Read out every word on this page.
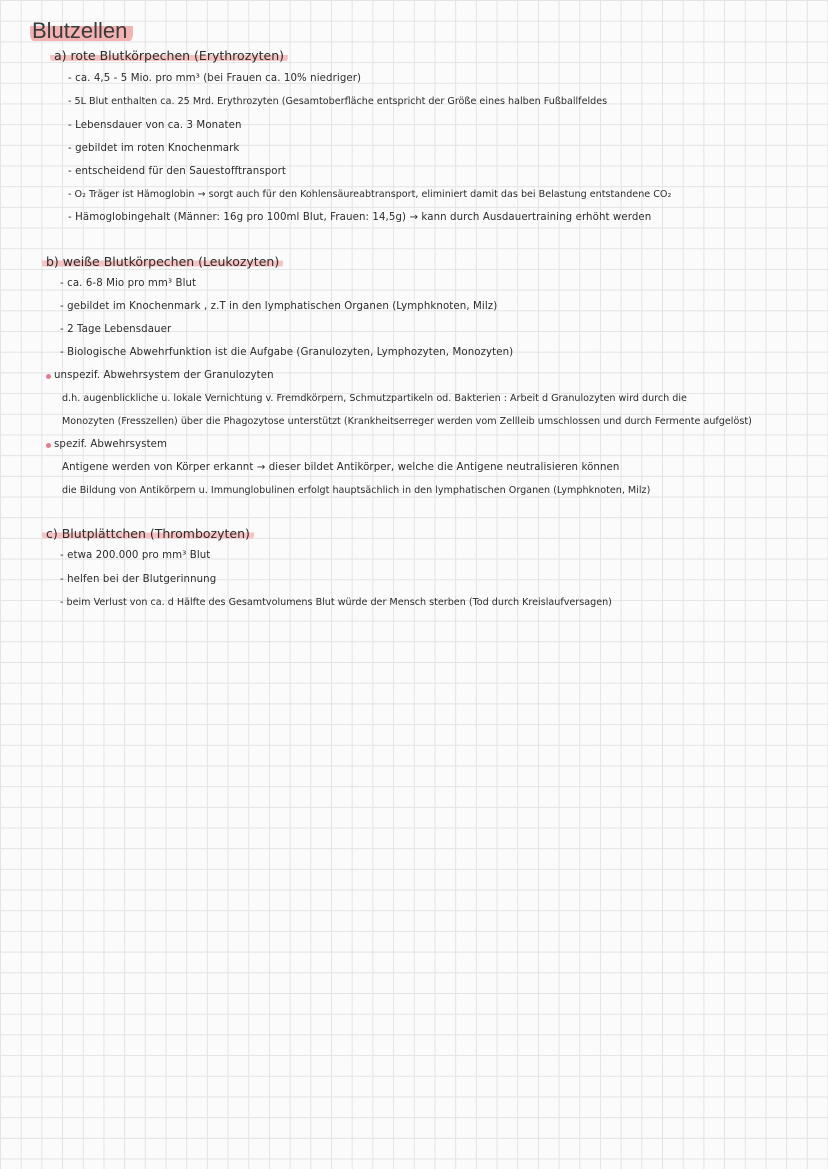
Blutzellen
a) rote Blutkörpechen (Erythrozyten)
- ca. 4,5 - 5 Mio. pro mm³ (bei Frauen ca. 10% niedriger)
- 5L Blut enthalten ca. 25 Mrd. Erythrozyten (Gesamtoberfläche entspricht der Größe eines halben Fußballfeldes
- Lebensdauer von ca. 3 Monaten
- gebildet im roten Knochenmark
- entscheidend für den Sauestofftransport
- O₂ Träger ist Hämoglobin → sorgt auch für den Kohlensäureabtransport, eliminiert damit das bei Belastung entstandene CO₂
- Hämoglobingehalt (Männer: 16g pro 100ml Blut, Frauen: 14,5g) → kann durch Ausdauertraining erhöht werden
b) weiße Blutkörpechen (Leukozyten)
- ca. 6-8 Mio pro mm³ Blut
- gebildet im Knochenmark , z.T in den lymphatischen Organen (Lymphknoten, Milz)
- 2 Tage Lebensdauer
- Biologische Abwehrfunktion ist die Aufgabe (Granulozyten, Lymphozyten, Monozyten)
unspezif. Abwehrsystem der Granulozyten
d.h. augenblickliche u. lokale Vernichtung v. Fremdkörpern, Schmutzpartikeln od. Bakterien : Arbeit d Granulozyten wird durch die
Monozyten (Fresszellen) über die Phagozytose unterstützt (Krankheitserreger werden vom Zellleib umschlossen und durch Fermente aufgelöst)
spezif. Abwehrsystem
Antigene werden von Körper erkannt → dieser bildet Antikörper, welche die Antigene neutralisieren können
die Bildung von Antikörpern u. Immunglobulinen erfolgt hauptsächlich in den lymphatischen Organen (Lymphknoten, Milz)
c) Blutplättchen (Thrombozyten)
- etwa 200.000 pro mm³ Blut
- helfen bei der Blutgerinnung
- beim Verlust von ca. d Hälfte des Gesamtvolumens Blut würde der Mensch sterben (Tod durch Kreislaufversagen)
